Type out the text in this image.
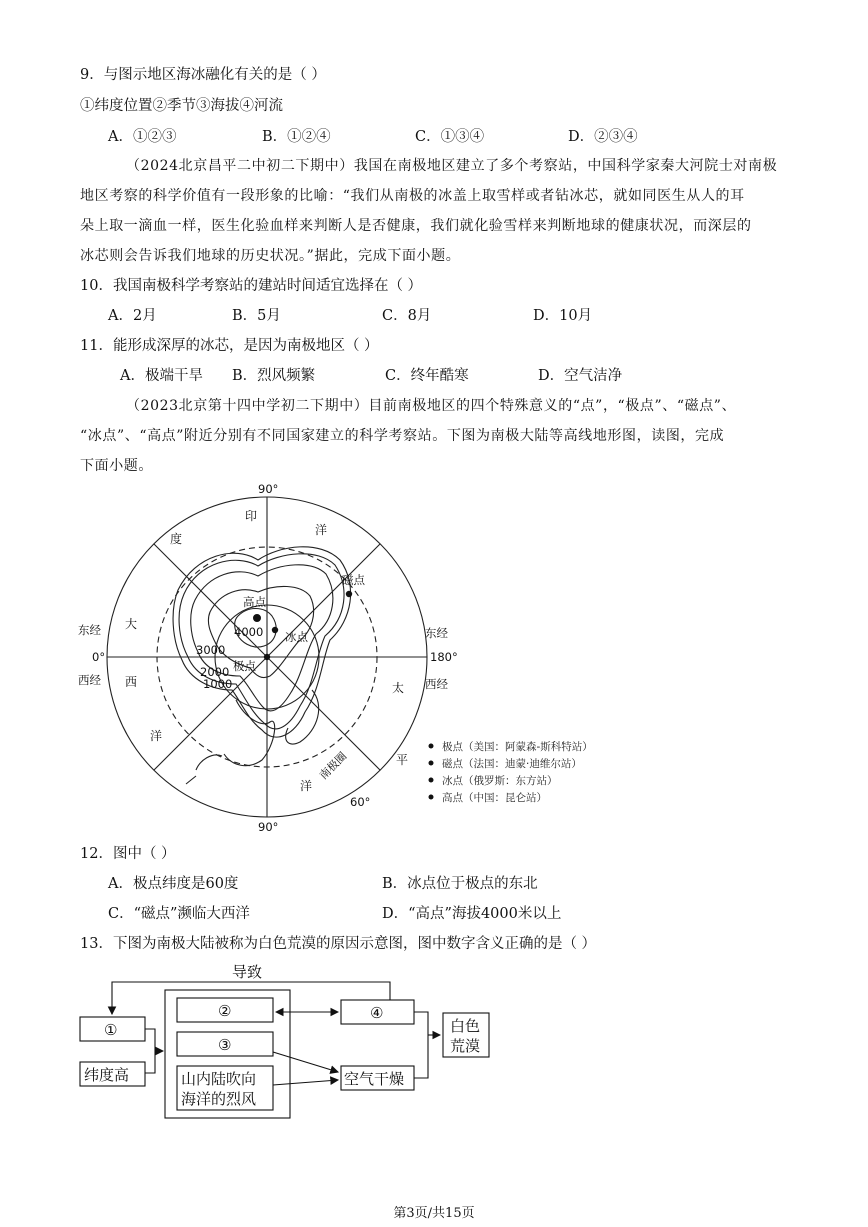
9．与图示地区海冰融化有关的是（ ）
①纬度位置②季节③海拔④河流
A．①②③	B．①②④	C．①③④	D．②③④
（2024北京昌平二中初二下期中）我国在南极地区建立了多个考察站，中国科学家秦大河院士对南极
地区考察的科学价值有一段形象的比喻：“我们从南极的冰盖上取雪样或者钻冰芯，就如同医生从人的耳
朵上取一滴血一样，医生化验血样来判断人是否健康，我们就化验雪样来判断地球的健康状况，而深层的
冰芯则会告诉我们地球的历史状况。”据此，完成下面小题。
10．我国南极科学考察站的建站时间适宜选择在（ ）
A．2月	B．5月	C．8月	D．10月
11．能形成深厚的冰芯，是因为南极地区（ ）
A．极端干旱 B．烈风频繁	C．终年酷寒	D．空气洁净
（2023北京第十四中学初二下期中）目前南极地区的四个特殊意义的“点”，“极点”、“磁点”、
“冰点”、“高点”附近分别有不同国家建立的科学考察站。下图为南极大陆等高线地形图，读图，完成
下面小题。
90°
90°
0°	180°
东经
西经
东经
西经
60°
印
度
洋
大
西
洋
太
平
洋
南极圈
4000
3000
2000
1000
高点
冰点
极点
磁点
极点（美国：阿蒙森-斯科特站）
磁点（法国：迪蒙·迪维尔站）
冰点（俄罗斯：东方站）
高点（中国：昆仑站）
12．图中（ ）
A．极点纬度是60度	B．冰点位于极点的东北
C．“磁点”濒临大西洋	D．“高点”海拔4000米以上
13．下图为南极大陆被称为白色荒漠的原因示意图，图中数字含义正确的是（ ）
导致
①
纬度高
②
③
山内陆吹向
海洋的烈风
④
空气干燥
白色
荒漠
第3页/共15页
